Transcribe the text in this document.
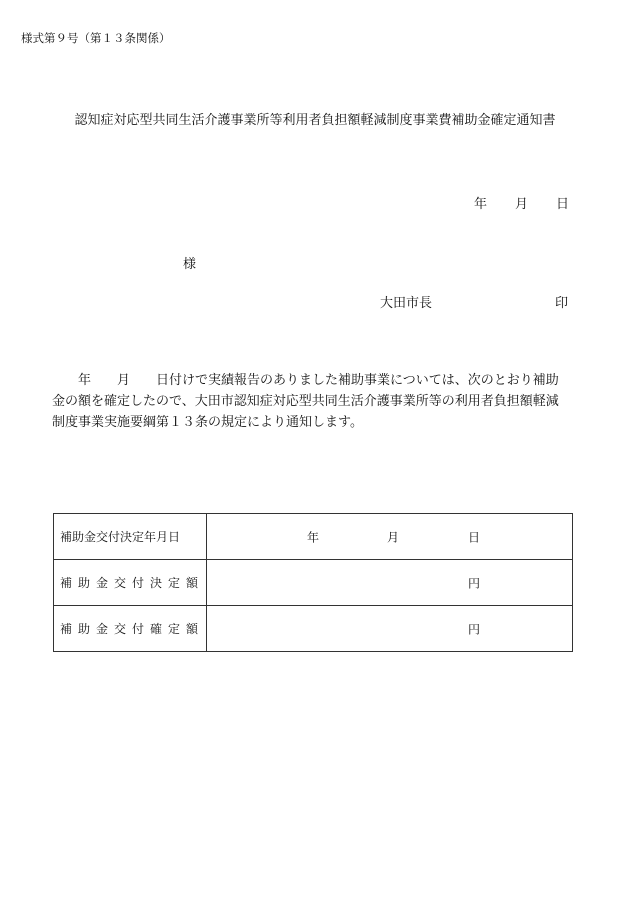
様式第９号（第１３条関係）
認知症対応型共同生活介護事業所等利用者負担額軽減制度事業費補助金確定通知書
年 月 日
様
大田市長	印
年　　月　　日付けで実績報告のありました補助事業については、次のとおり補助
金の額を確定したので、大田市認知症対応型共同生活介護事業所等の利用者負担額軽減
制度事業実施要綱第１３条の規定により通知します。
補助金交付決定年月日	年 月 日

補助金交付決定額	円

補助金交付確定額	円
